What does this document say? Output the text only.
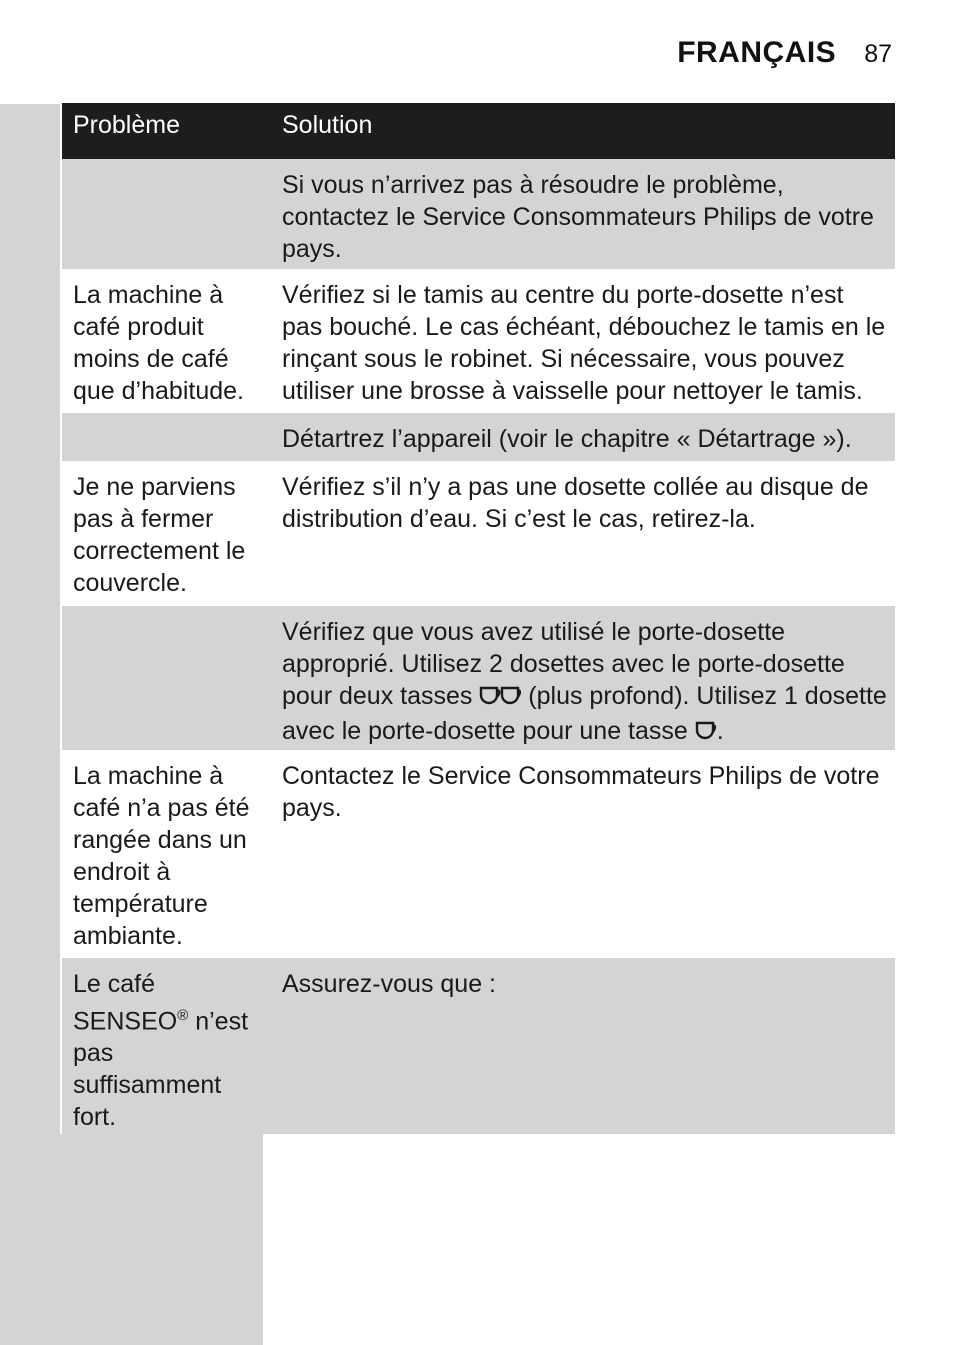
FRANÇAIS 87
Problème	Solution
Si vous n’arrivez pas à résoudre le problème, contactez le Service Consommateurs Philips de votre pays.
La machine à café produit moins de café que d’habitude.
Vérifiez si le tamis au centre du porte-dosette n’est pas bouché. Le cas échéant, débouchez le tamis en le rinçant sous le robinet. Si nécessaire, vous pouvez utiliser une brosse à vaisselle pour nettoyer le tamis.
Détartrez l’appareil (voir le chapitre « Détartrage »).
Je ne parviens pas à fermer correctement le couvercle.
Vérifiez s’il n’y a pas une dosette collée au disque de distribution d’eau. Si c’est le cas, retirez-la.
Vérifiez que vous avez utilisé le porte-dosette approprié. Utilisez 2 dosettes avec le porte-dosette pour deux tasses  (plus profond). Utilisez 1 dosette avec le porte-dosette pour une tasse .
La machine à café n’a pas été rangée dans un endroit à température ambiante.
Contactez le Service Consommateurs Philips de votre pays.
Le café SENSEO® n’est pas suffisamment fort.
Assurez-vous que :
